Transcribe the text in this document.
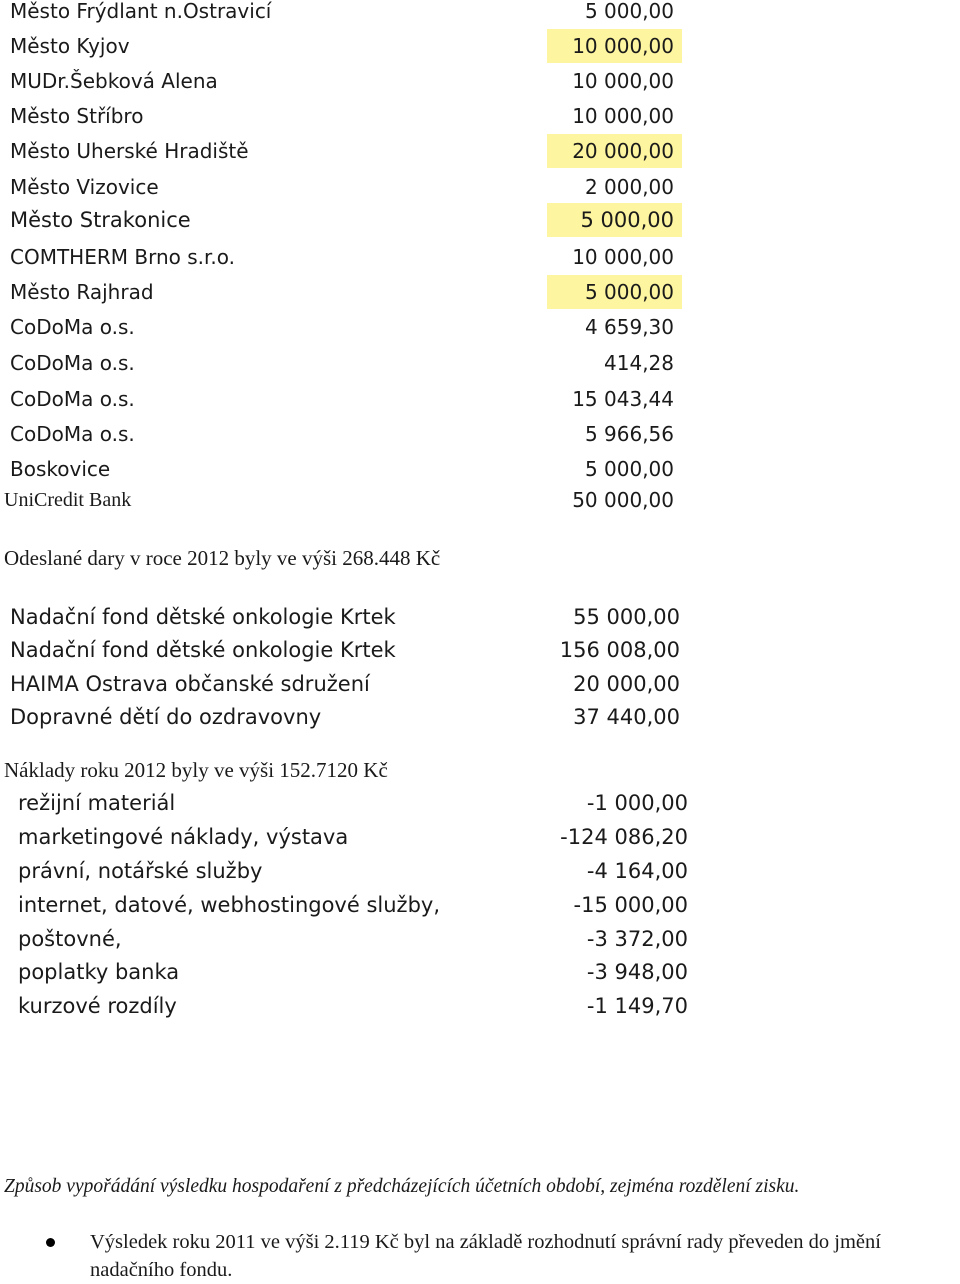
Město Frýdlant n.Ostravicí	5 000,00
Město Kyjov	10 000,00
MUDr.Šebková Alena	10 000,00
Město Stříbro	10 000,00
Město Uherské Hradiště	20 000,00
Město Vizovice	2 000,00
Město Strakonice	5 000,00
COMTHERM Brno s.r.o.	10 000,00
Město Rajhrad	5 000,00
CoDoMa o.s.	4 659,30
CoDoMa o.s.	414,28
CoDoMa o.s.	15 043,44
CoDoMa o.s.	5 966,56
Boskovice	5 000,00
UniCredit Bank	50 000,00
Odeslané dary v roce 2012 byly ve výši 268.448 Kč
Nadační fond dětské onkologie Krtek	55 000,00
Nadační fond dětské onkologie Krtek	156 008,00
HAIMA Ostrava občanské sdružení	20 000,00
Dopravné dětí do ozdravovny	37 440,00
Náklady roku 2012 byly ve výši 152.7120 Kč
režijní materiál	-1 000,00
marketingové náklady, výstava	-124 086,20
právní, notářské služby	-4 164,00
internet, datové, webhostingové služby,	-15 000,00
poštovné,	-3 372,00
poplatky banka	-3 948,00
kurzové rozdíly	-1 149,70
Způsob vypořádání výsledku hospodaření z předcházejících účetních období, zejména rozdělení zisku.
Výsledek roku 2011 ve výši 2.119 Kč byl na základě rozhodnutí správní rady převeden do jmění nadačního fondu.
